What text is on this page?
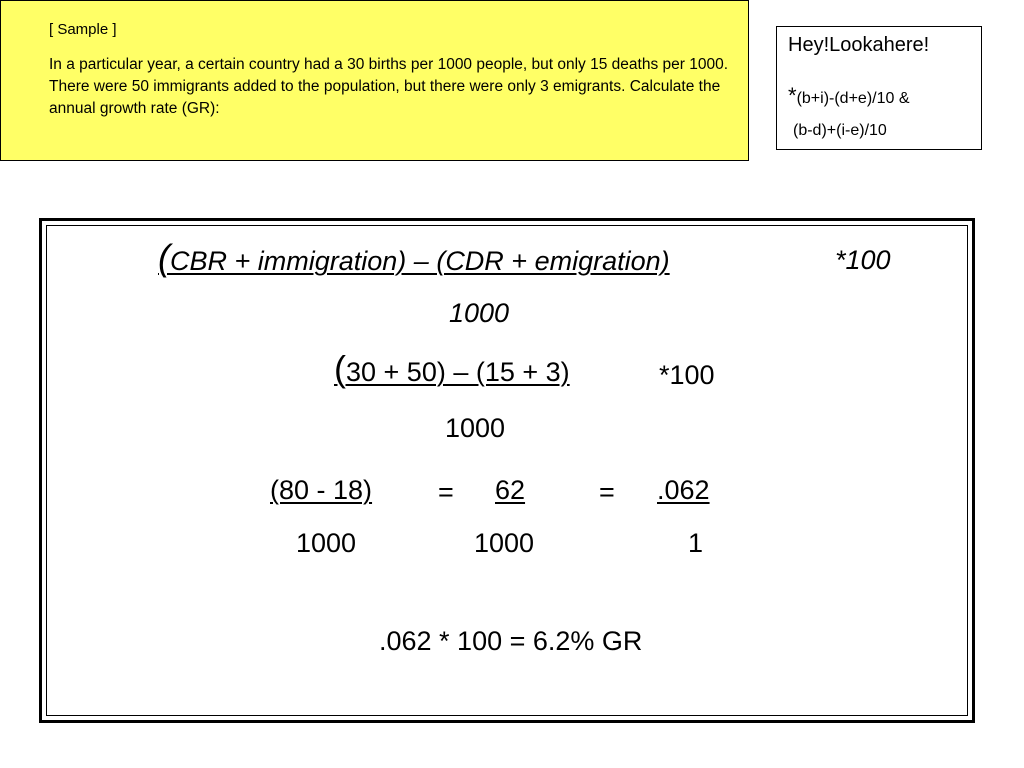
[ Sample ]
In a particular year, a certain country had a 30 births per 1000 people, but only 15 deaths per 1000. There were 50 immigrants added to the population, but there were only 3 emigrants. Calculate the annual growth rate (GR):
Hey!Lookahere!
*(b+i)-(d+e)/10 &
(b-d)+(i-e)/10
(CBR + immigration) – (CDR + emigration)	*100
1000
(30 + 50) – (15 + 3)	*100
1000
(80 - 18)
1000
= 62
1000
= .062
1
.062 * 100 = 6.2% GR
